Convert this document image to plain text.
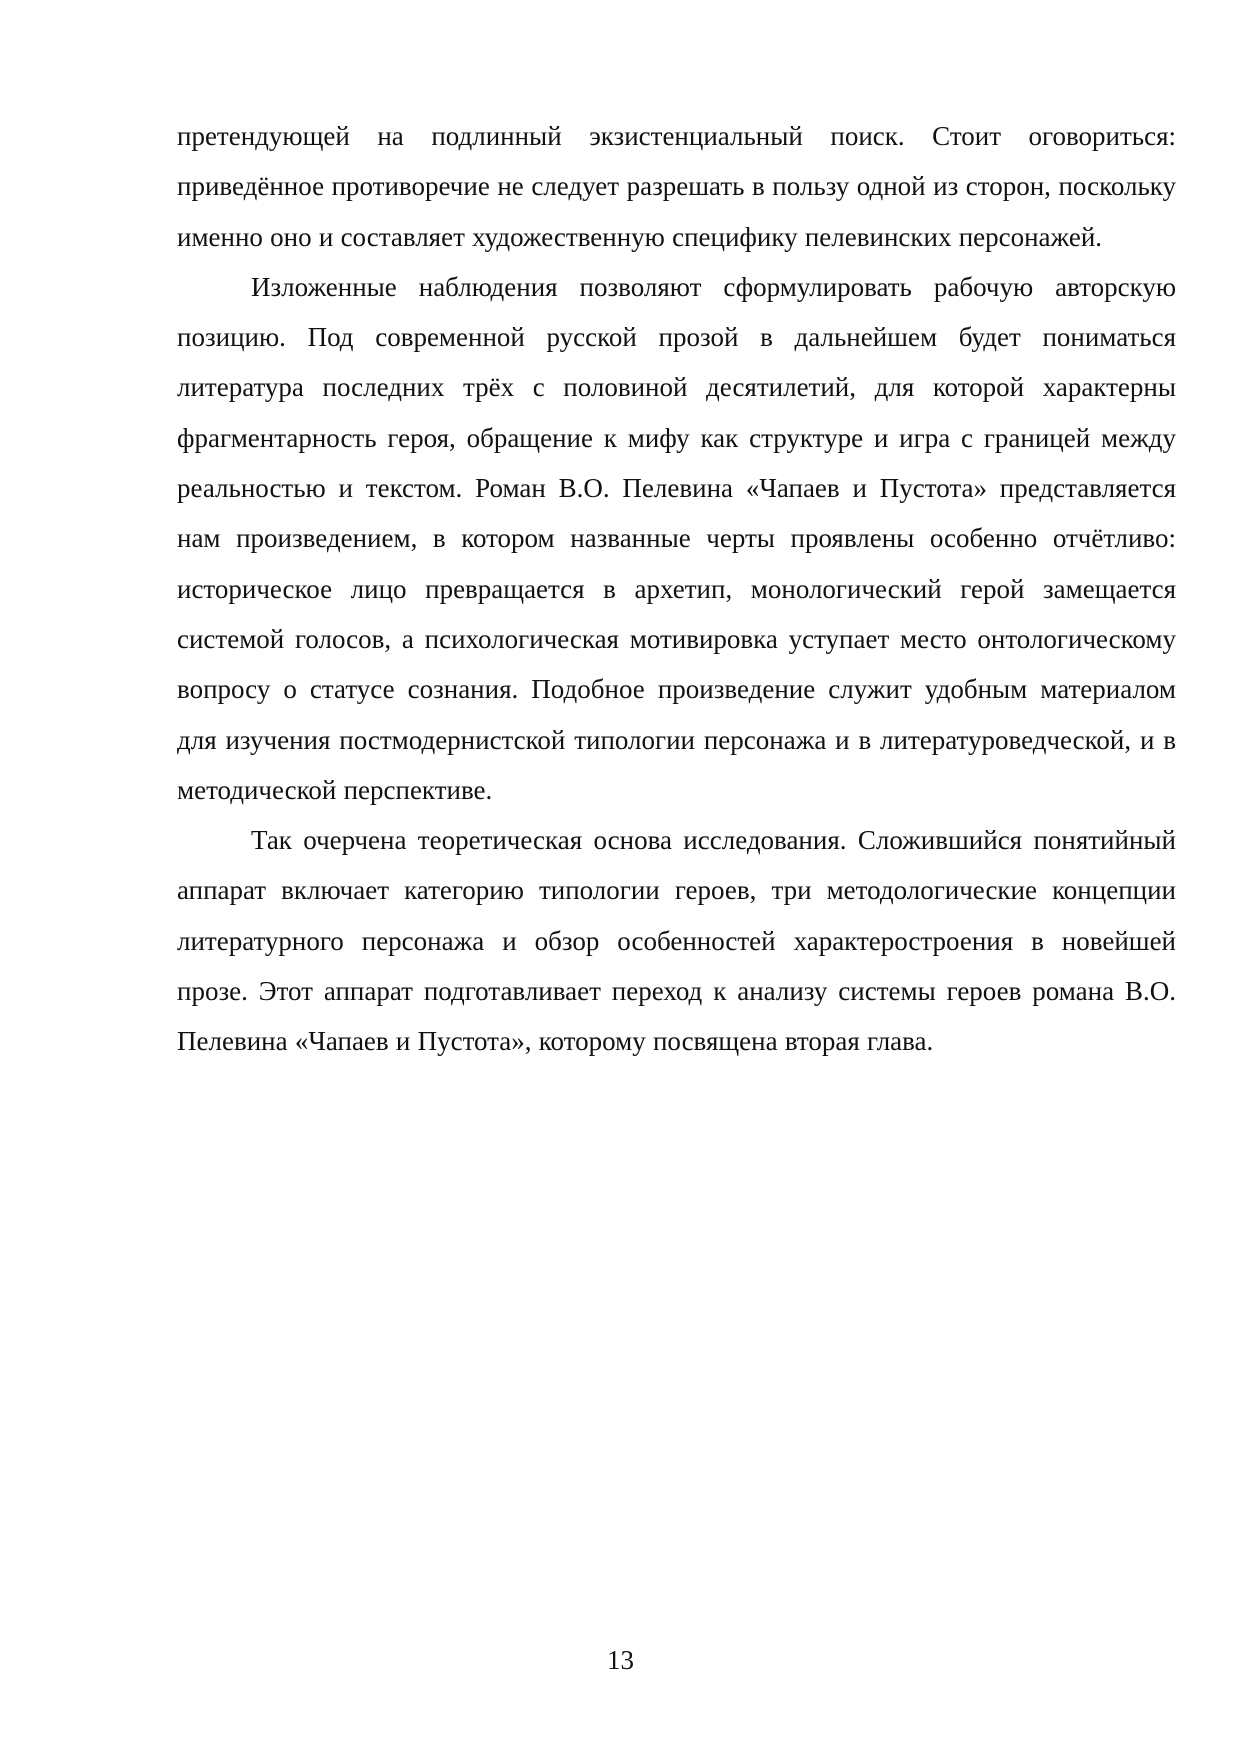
претендующей на подлинный экзистенциальный поиск. Стоит оговориться: приведённое противоречие не следует разрешать в пользу одной из сторон, поскольку именно оно и составляет художественную специфику пелевинских персонажей.

Изложенные наблюдения позволяют сформулировать рабочую авторскую позицию. Под современной русской прозой в дальнейшем будет пониматься литература последних трёх с половиной десятилетий, для которой характерны фрагментарность героя, обращение к мифу как структуре и игра с границей между реальностью и текстом. Роман В.О. Пелевина «Чапаев и Пустота» представляется нам произведением, в котором названные черты проявлены особенно отчётливо: историческое лицо превращается в архетип, монологический герой замещается системой голосов, а психологическая мотивировка уступает место онтологическому вопросу о статусе сознания. Подобное произведение служит удобным материалом для изучения постмодернистской типологии персонажа и в литературоведческой, и в методической перспективе.

Так очерчена теоретическая основа исследования. Сложившийся понятийный аппарат включает категорию типологии героев, три методологические концепции литературного персонажа и обзор особенностей характеростроения в новейшей прозе. Этот аппарат подготавливает переход к анализу системы героев романа В.О. Пелевина «Чапаев и Пустота», которому посвящена вторая глава.

13
